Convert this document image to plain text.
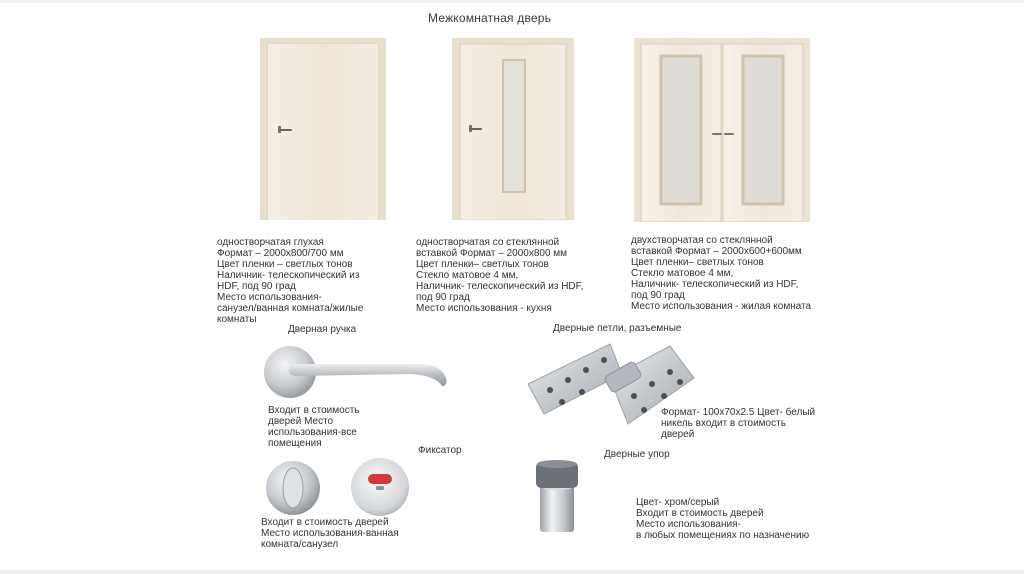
Межкомнатная дверь
одностворчатая глухая
Формат – 2000х800/700 мм
Цвет пленки – светлых тонов
Наличник- телескопический из
HDF, под 90 град
Место использования-
санузел/ванная комната/жилые
комнаты
одностворчатая со стеклянной
вставкой Формат – 2000х800 мм
Цвет пленки– светлых тонов
Стекло матовое 4 мм,
Наличник- телескопический из HDF,
под 90 град
Место использования - кухня
двухстворчатая со стеклянной
вставкой Формат – 2000х600+600мм
Цвет пленки– светлых тонов
Стекло матовое 4 мм,
Наличник- телескопический из HDF,
под 90 град
Место использования - жилая комната
Дверная ручка
Входит в стоимость
дверей Место
использования-все
помещения
Дверные петли, разъемные
Формат- 100х70х2.5 Цвет- белый
никель входит в стоимость
дверей
Фиксатор
Входит в стоимость дверей
Место использования-ванная
комната/санузел
Дверные упор
Цвет- хром/серый
Входит в стоимость дверей
Место использования-
в любых помещениях по назначению
